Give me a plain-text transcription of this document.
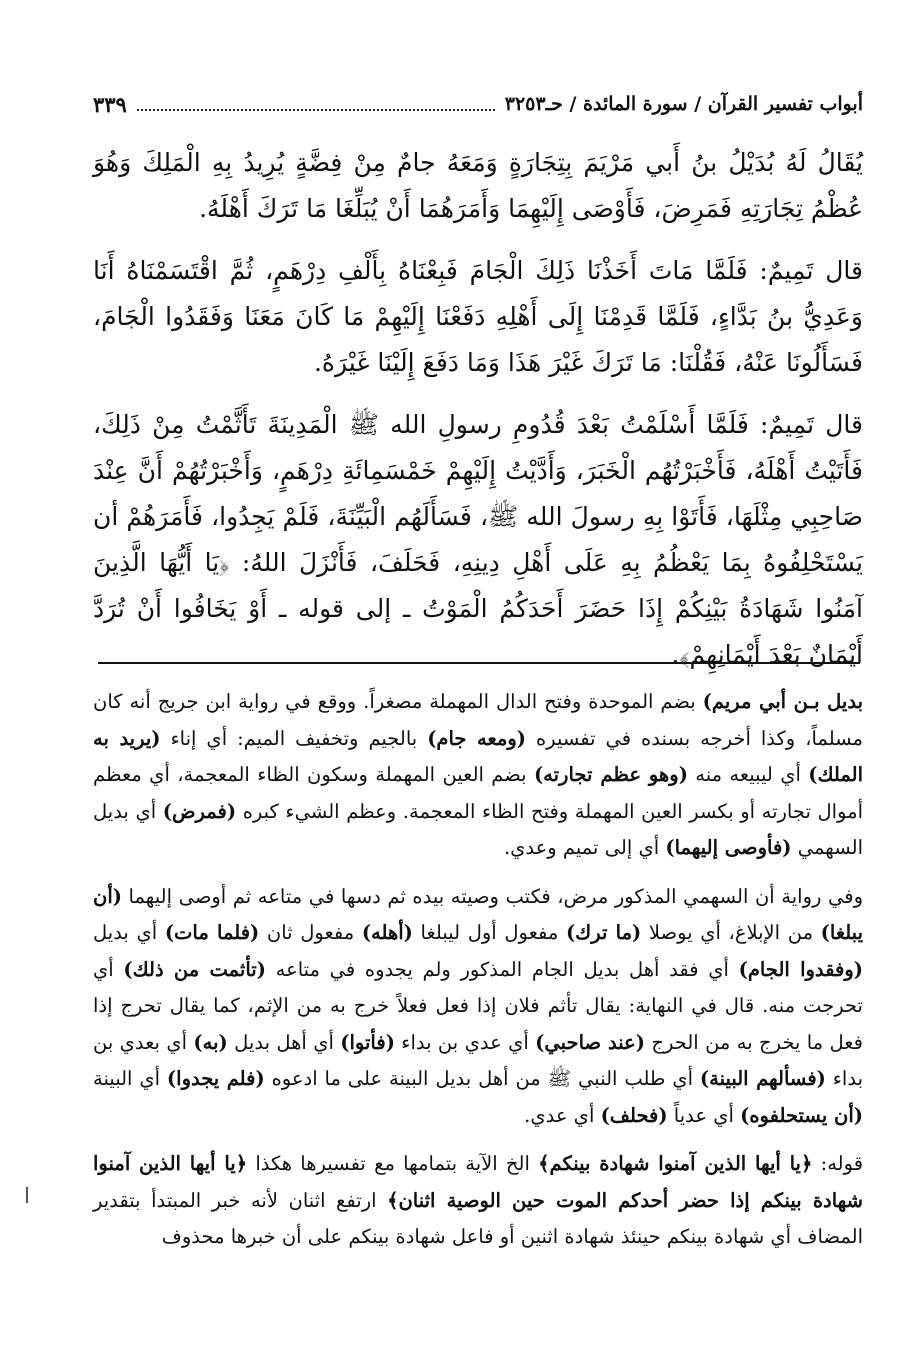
أبواب تفسير القرآن / سورة المائدة / حـ٣٢٥٣
٣٣٩

يُقَالُ لَهُ بُدَيْلُ بنُ أَبي مَرْيَمَ بِتِجَارَةٍ وَمَعَهُ جامٌ مِنْ فِضَّةٍ يُرِيدُ بِهِ الْمَلِكَ وَهُوَ عُظْمُ تِجَارَتِهِ فَمَرِضَ، فَأَوْصَى إِلَيْهِمَا وَأَمَرَهُمَا أَنْ يُبَلِّغَا مَا تَرَكَ أَهْلَهُ.

قال تَمِيمٌ: فَلَمَّا مَاتَ أَخَذْنَا ذَلِكَ الْجَامَ فَبِعْنَاهُ بِأَلْفِ دِرْهَمٍ، ثُمَّ اقْتَسَمْنَاهُ أَنَا وَعَدِيُّ بنُ بَدَّاءٍ، فَلَمَّا قَدِمْنَا إِلَى أَهْلِهِ دَفَعْنَا إِلَيْهِمْ مَا كَانَ مَعَنَا وَفَقَدُوا الْجَامَ، فَسَأَلُونَا عَنْهُ، فَقُلْنَا: مَا تَرَكَ غَيْرَ هَذَا وَمَا دَفَعَ إِلَيْنَا غَيْرَهُ.

قال تَمِيمٌ: فَلَمَّا أَسْلَمْتُ بَعْدَ قُدُومِ رسولِ الله ﷺ الْمَدِينَةَ تَأَثَّمْتُ مِنْ ذَلِكَ، فَأَتَيْتُ أَهْلَهُ، فَأَخْبَرْتُهُم الْخَبَرَ، وَأَدَّيْتُ إِلَيْهِمْ خَمْسَمِائَةِ دِرْهَمٍ، وَأَخْبَرْتُهُمْ أَنَّ عِنْدَ صَاحِبِي مِثْلَهَا، فَأَتَوْا بِهِ رسولَ الله ﷺ، فَسَأَلَهُم الْبَيِّنَةَ، فَلَمْ يَجِدُوا، فَأَمَرَهُمْ أن يَسْتَحْلِفُوهُ بِمَا يَعْظُمُ بِهِ عَلَى أَهْلِ دِينِهِ، فَحَلَفَ، فَأَنْزَلَ اللهُ: ﴿يَا أَيُّهَا الَّذِينَ آمَنُوا شَهَادَةُ بَيْنِكُمْ إِذَا حَضَرَ أَحَدَكُمُ الْمَوْتُ ـ إلى قوله ـ أَوْ يَخَافُوا أَنْ تُرَدَّ أَيْمَانٌ بَعْدَ أَيْمَانِهِمْ﴾.

بديل بـن أبي مريم) بضم الموحدة وفتح الدال المهملة مصغراً. ووقع في رواية ابن جريج أنه كان مسلماً، وكذا أخرجه بسنده في تفسيره (ومعه جام) بالجيم وتخفيف الميم: أي إناء (يريد به الملك) أي ليبيعه منه (وهو عظم تجارته) بضم العين المهملة وسكون الظاء المعجمة، أي معظم أموال تجارته أو بكسر العين المهملة وفتح الظاء المعجمة. وعظم الشيء كبره (فمرض) أي بديل السهمي (فأوصى إليهما) أي إلى تميم وعدي.

وفي رواية أن السهمي المذكور مرض، فكتب وصيته بيده ثم دسها في متاعه ثم أوصى إليهما (أن يبلغا) من الإبلاغ، أي يوصلا (ما ترك) مفعول أول ليبلغا (أهله) مفعول ثان (فلما مات) أي بديل (وفقدوا الجام) أي فقد أهل بديل الجام المذكور ولم يجدوه في متاعه (تأثمت من ذلك) أي تحرجت منه. قال في النهاية: يقال تأثم فلان إذا فعل فعلاً خرج به من الإثم، كما يقال تحرج إذا فعل ما يخرج به من الحرج (عند صاحبي) أي عدي بن بداء (فأتوا) أي أهل بديل (به) أي بعدي بن بداء (فسألهم البينة) أي طلب النبي ﷺ من أهل بديل البينة على ما ادعوه (فلم يجدوا) أي البينة (أن يستحلفوه) أي عدياً (فحلف) أي عدي.

قوله: ﴿يا أيها الذين آمنوا شهادة بينكم﴾ الخ الآية بتمامها مع تفسيرها هكذا ﴿يا أيها الذين آمنوا شهادة بينكم إذا حضر أحدكم الموت حين الوصية اثنان﴾ ارتفع اثنان لأنه خبر المبتدأ بتقدير المضاف أي شهادة بينكم حينئذ شهادة اثنين أو فاعل شهادة بينكم على أن خبرها محذوف
